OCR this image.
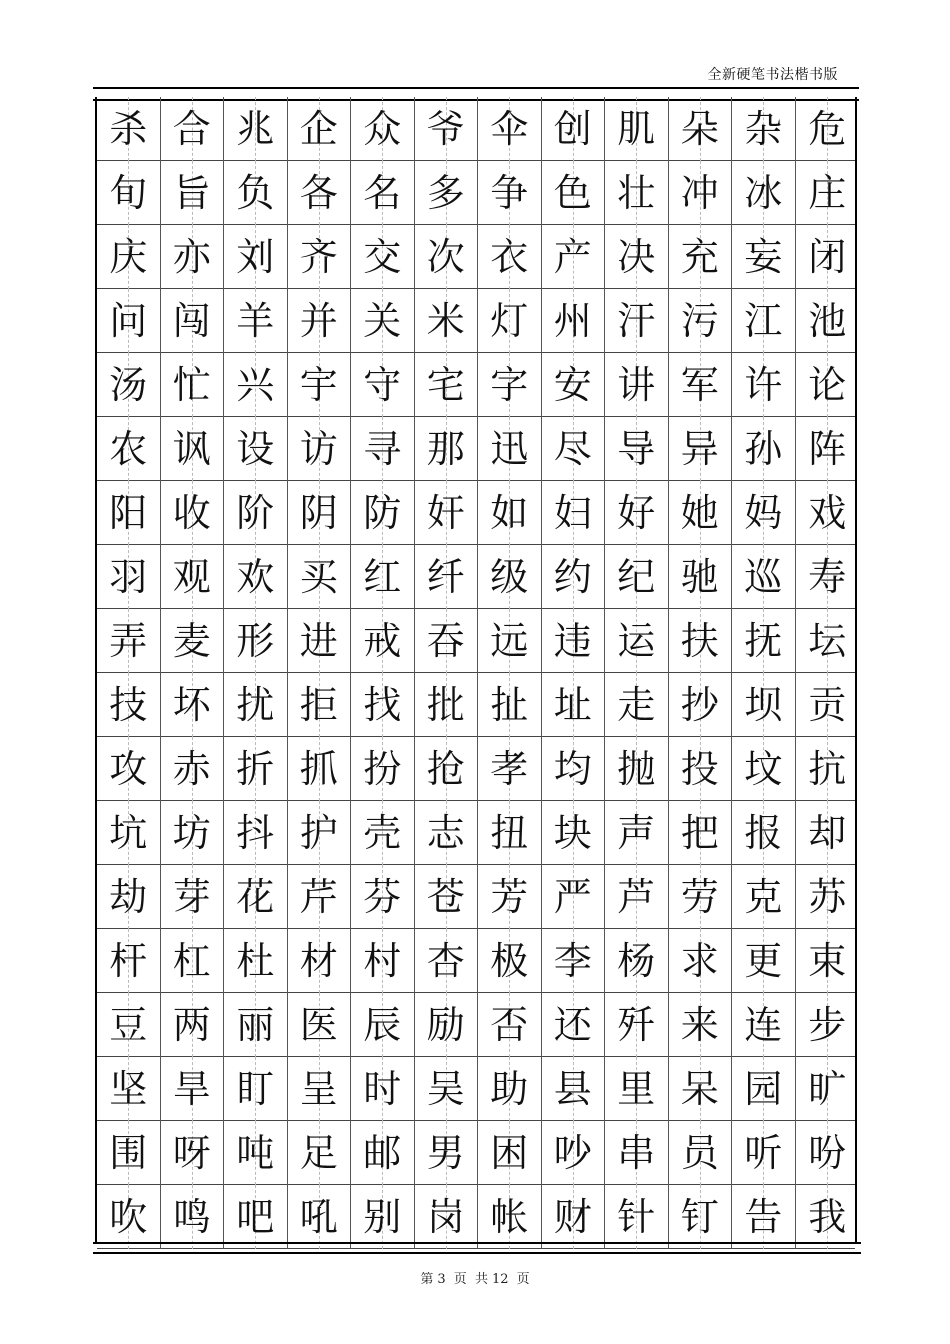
全新硬笔书法楷书版
杀 合 兆 企 众 爷 伞 创 肌 朵 杂 危
旬 旨 负 各 名 多 争 色 壮 冲 冰 庄
庆 亦 刘 齐 交 次 衣 产 决 充 妄 闭
问 闯 羊 并 关 米 灯 州 汗 污 江 池
汤 忙 兴 宇 守 宅 字 安 讲 军 许 论
农 讽 设 访 寻 那 迅 尽 导 异 孙 阵
阳 收 阶 阴 防 奸 如 妇 好 她 妈 戏
羽 观 欢 买 红 纤 级 约 纪 驰 巡 寿
弄 麦 形 进 戒 吞 远 违 运 扶 抚 坛
技 坏 扰 拒 找 批 扯 址 走 抄 坝 贡
攻 赤 折 抓 扮 抢 孝 均 抛 投 坟 抗
坑 坊 抖 护 壳 志 扭 块 声 把 报 却
劫 芽 花 芹 芬 苍 芳 严 芦 劳 克 苏
杆 杠 杜 材 村 杏 极 李 杨 求 更 束
豆 两 丽 医 辰 励 否 还 歼 来 连 步
坚 旱 盯 呈 时 吴 助 县 里 呆 园 旷
围 呀 吨 足 邮 男 困 吵 串 员 听 吩
吹 鸣 吧 吼 别 岗 帐 财 针 钉 告 我
第 3 页 共 12 页
